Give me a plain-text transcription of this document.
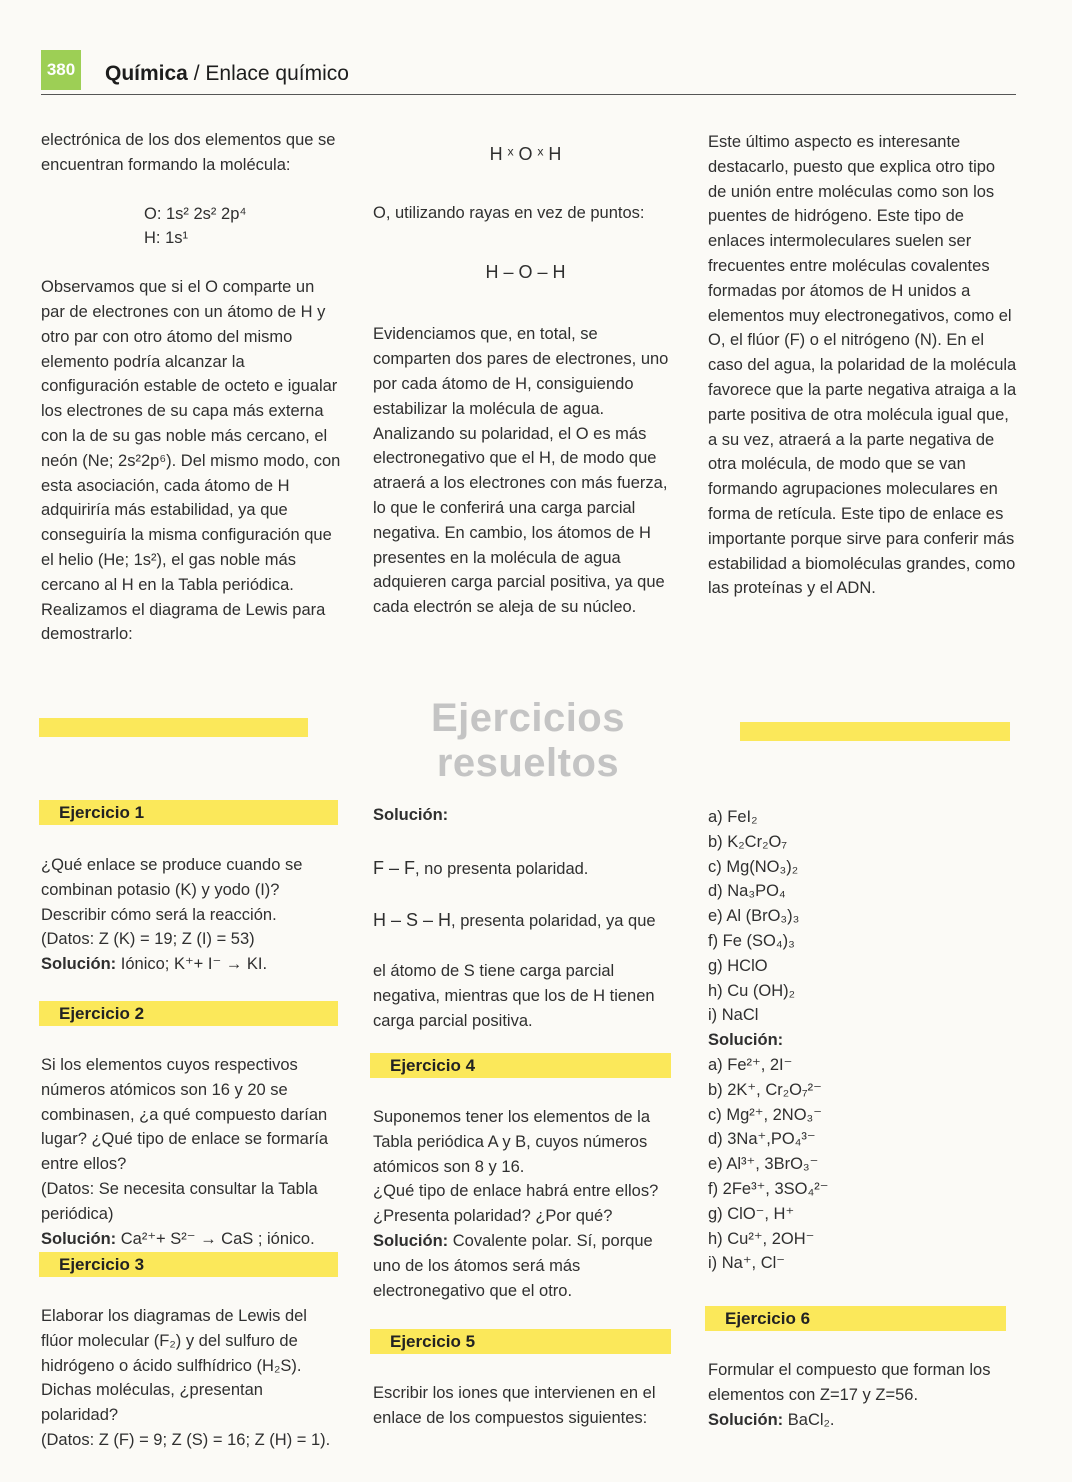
380 Química / Enlace químico

electrónica de los dos elementos que se encuentran formando la molécula:

O: 1s² 2s² 2p⁴

H: 1s¹

Observamos que si el O comparte un par de electrones con un átomo de H y otro par con otro átomo del mismo elemento podría alcanzar la configuración estable de octeto e igualar los electrones de su capa más externa con la de su gas noble más cercano, el neón (Ne; 2s²2p⁶). Del mismo modo, con esta asociación, cada átomo de H adquiriría más estabilidad, ya que conseguiría la misma configuración que el helio (He; 1s²), el gas noble más cercano al H en la Tabla periódica. Realizamos el diagrama de Lewis para demostrarlo:

H ˣ O ˣ H

O, utilizando rayas en vez de puntos:

H – O – H

Evidenciamos que, en total, se comparten dos pares de electrones, uno por cada átomo de H, consiguiendo estabilizar la molécula de agua. Analizando su polaridad, el O es más electronegativo que el H, de modo que atraerá a los electrones con más fuerza, lo que le conferirá una carga parcial negativa. En cambio, los átomos de H presentes en la molécula de agua adquieren carga parcial positiva, ya que cada electrón se aleja de su núcleo.

Este último aspecto es interesante destacarlo, puesto que explica otro tipo de unión entre moléculas como son los puentes de hidrógeno. Este tipo de enlaces intermoleculares suelen ser frecuentes entre moléculas covalentes formadas por átomos de H unidos a elementos muy electronegativos, como el O, el flúor (F) o el nitrógeno (N). En el caso del agua, la polaridad de la molécula favorece que la parte negativa atraiga a la parte positiva de otra molécula igual que, a su vez, atraerá a la parte negativa de otra molécula, de modo que se van formando agrupaciones moleculares en forma de retícula. Este tipo de enlace es importante porque sirve para conferir más estabilidad a biomoléculas grandes, como las proteínas y el ADN.

Ejercicios resueltos
Ejercicio 1

¿Qué enlace se produce cuando se combinan potasio (K) y yodo (I)? Describir cómo será la reacción.

(Datos: Z (K) = 19; Z (I) = 53)

Solución: Iónico; K⁺+ I⁻ → KI.

Ejercicio 2

Si los elementos cuyos respectivos números atómicos son 16 y 20 se combinasen, ¿a qué compuesto darían lugar? ¿Qué tipo de enlace se formaría entre ellos?

(Datos: Se necesita consultar la Tabla periódica)

Solución: Ca²⁺+ S²⁻ → CaS ; iónico.

Ejercicio 3

Elaborar los diagramas de Lewis del flúor molecular (F₂) y del sulfuro de hidrógeno o ácido sulfhídrico (H₂S). Dichas moléculas, ¿presentan polaridad?

(Datos: Z (F) = 9; Z (S) = 16; Z (H) = 1).

Solución:

F – F, no presenta polaridad.

H – S – H, presenta polaridad, ya que

el átomo de S tiene carga parcial negativa, mientras que los de H tienen carga parcial positiva.

Ejercicio 4

Suponemos tener los elementos de la Tabla periódica A y B, cuyos números atómicos son 8 y 16.

¿Qué tipo de enlace habrá entre ellos? ¿Presenta polaridad? ¿Por qué?

Solución: Covalente polar. Sí, porque uno de los átomos será más electronegativo que el otro.

Ejercicio 5

Escribir los iones que intervienen en el enlace de los compuestos siguientes:

a) FeI₂

b) K₂Cr₂O₇

c) Mg(NO₃)₂

d) Na₃PO₄

e) Al (BrO₃)₃

f) Fe (SO₄)₃

g) HClO

h) Cu (OH)₂

i) NaCl

Solución:

a) Fe²⁺, 2I⁻

b) 2K⁺, Cr₂O₇²⁻

c) Mg²⁺, 2NO₃⁻

d) 3Na⁺,PO₄³⁻

e) Al³⁺, 3BrO₃⁻

f) 2Fe³⁺, 3SO₄²⁻

g) ClO⁻, H⁺

h) Cu²⁺, 2OH⁻

i) Na⁺, Cl⁻

Ejercicio 6

Formular el compuesto que forman los elementos con Z=17 y Z=56.

Solución: BaCl₂.
